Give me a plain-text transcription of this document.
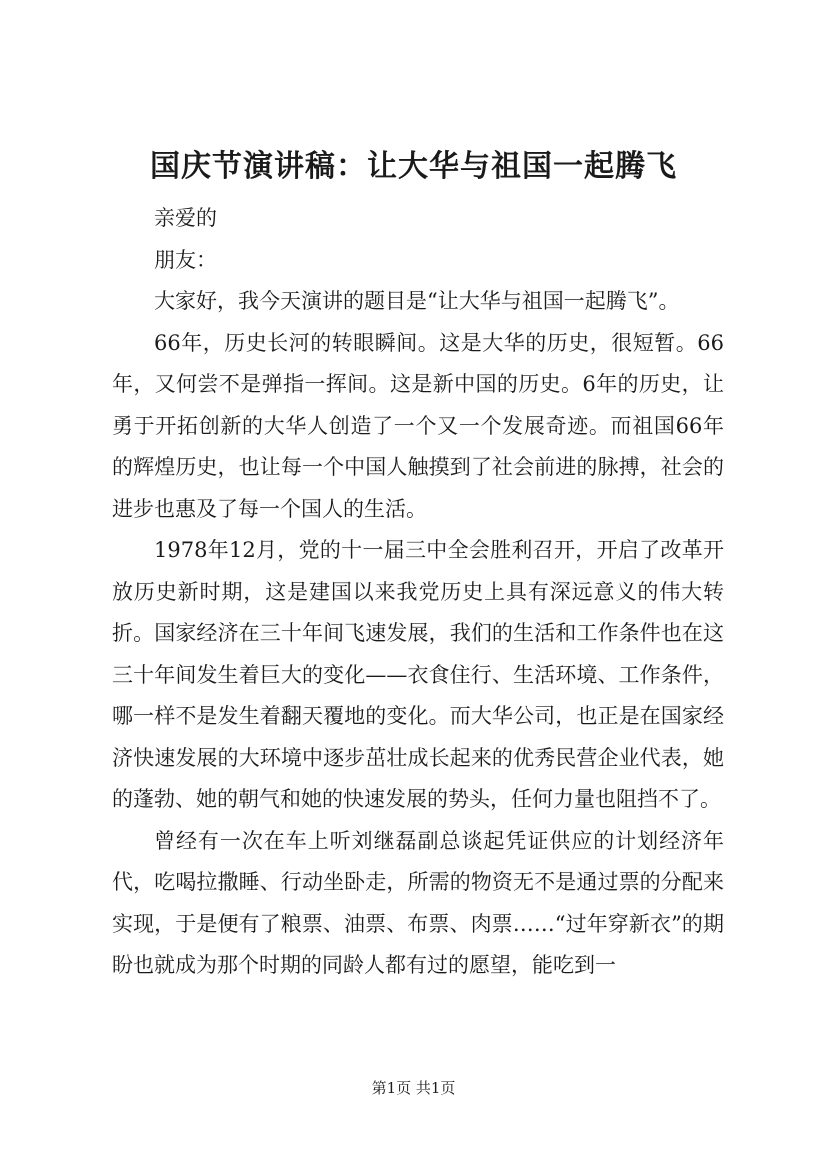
国庆节演讲稿：让大华与祖国一起腾飞

亲爱的

朋友：

大家好，我今天演讲的题目是“让大华与祖国一起腾飞”。

66年，历史长河的转眼瞬间。这是大华的历史，很短暂。66年，又何尝不是弹指一挥间。这是新中国的历史。6年的历史，让勇于开拓创新的大华人创造了一个又一个发展奇迹。而祖国66年的辉煌历史，也让每一个中国人触摸到了社会前进的脉搏，社会的进步也惠及了每一个国人的生活。

1978年12月，党的十一届三中全会胜利召开，开启了改革开放历史新时期，这是建国以来我党历史上具有深远意义的伟大转折。国家经济在三十年间飞速发展，我们的生活和工作条件也在这三十年间发生着巨大的变化——衣食住行、生活环境、工作条件，哪一样不是发生着翻天覆地的变化。而大华公司，也正是在国家经济快速发展的大环境中逐步茁壮成长起来的优秀民营企业代表，她的蓬勃、她的朝气和她的快速发展的势头，任何力量也阻挡不了。

曾经有一次在车上听刘继磊副总谈起凭证供应的计划经济年代，吃喝拉撒睡、行动坐卧走，所需的物资无不是通过票的分配来实现，于是便有了粮票、油票、布票、肉票……“过年穿新衣”的期盼也就成为那个时期的同龄人都有过的愿望，能吃到一

第1页 共1页
